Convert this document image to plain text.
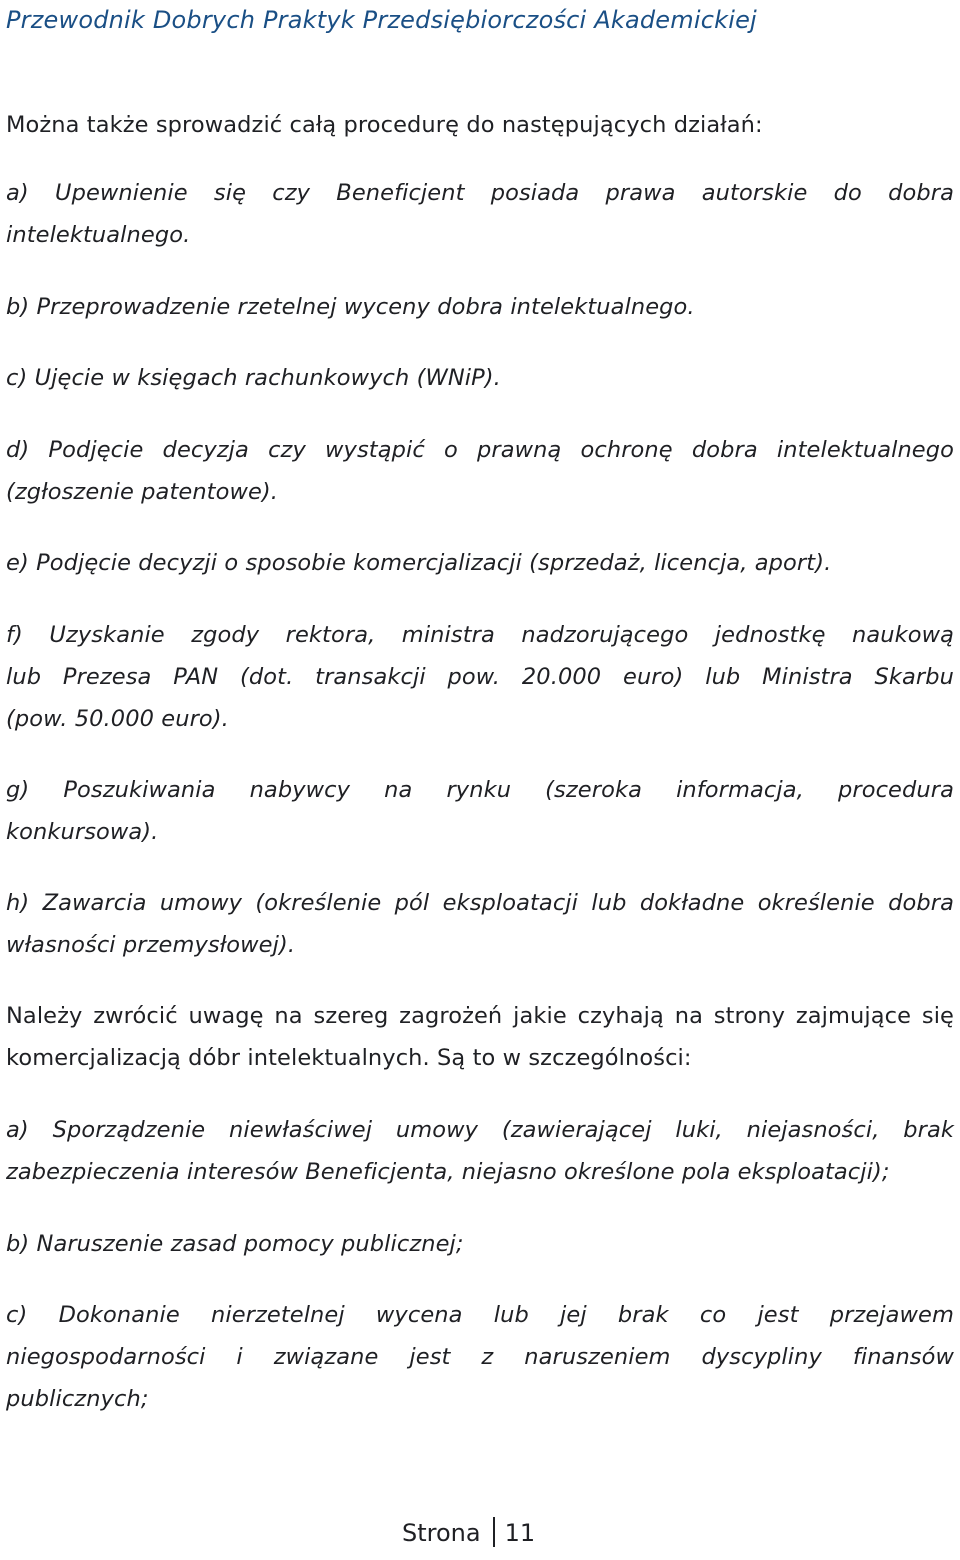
Przewodnik Dobrych Praktyk Przedsiębiorczości Akademickiej
Można także sprowadzić całą procedurę do następujących działań:
a) Upewnienie się czy Beneficjent posiada prawa autorskie do dobra
intelektualnego.
b) Przeprowadzenie rzetelnej wyceny dobra intelektualnego.
c) Ujęcie w księgach rachunkowych (WNiP).
d) Podjęcie decyzja czy wystąpić o prawną ochronę dobra intelektualnego
(zgłoszenie patentowe).
e) Podjęcie decyzji o sposobie komercjalizacji (sprzedaż, licencja, aport).
f) Uzyskanie zgody rektora, ministra nadzorującego jednostkę naukową
lub Prezesa PAN (dot. transakcji pow. 20.000 euro) lub Ministra Skarbu
(pow. 50.000 euro).
g) Poszukiwania nabywcy na rynku (szeroka informacja, procedura
konkursowa).
h) Zawarcia umowy (określenie pól eksploatacji lub dokładne określenie dobra
własności przemysłowej).
Należy zwrócić uwagę na szereg zagrożeń jakie czyhają na strony zajmujące się
komercjalizacją dóbr intelektualnych. Są to w szczególności:
a) Sporządzenie niewłaściwej umowy (zawierającej luki, niejasności, brak
zabezpieczenia interesów Beneficjenta, niejasno określone pola eksploatacji);
b) Naruszenie zasad pomocy publicznej;
c) Dokonanie nierzetelnej wycena lub jej brak co jest przejawem
niegospodarności i związane jest z naruszeniem dyscypliny finansów
publicznych;
Strona 11
